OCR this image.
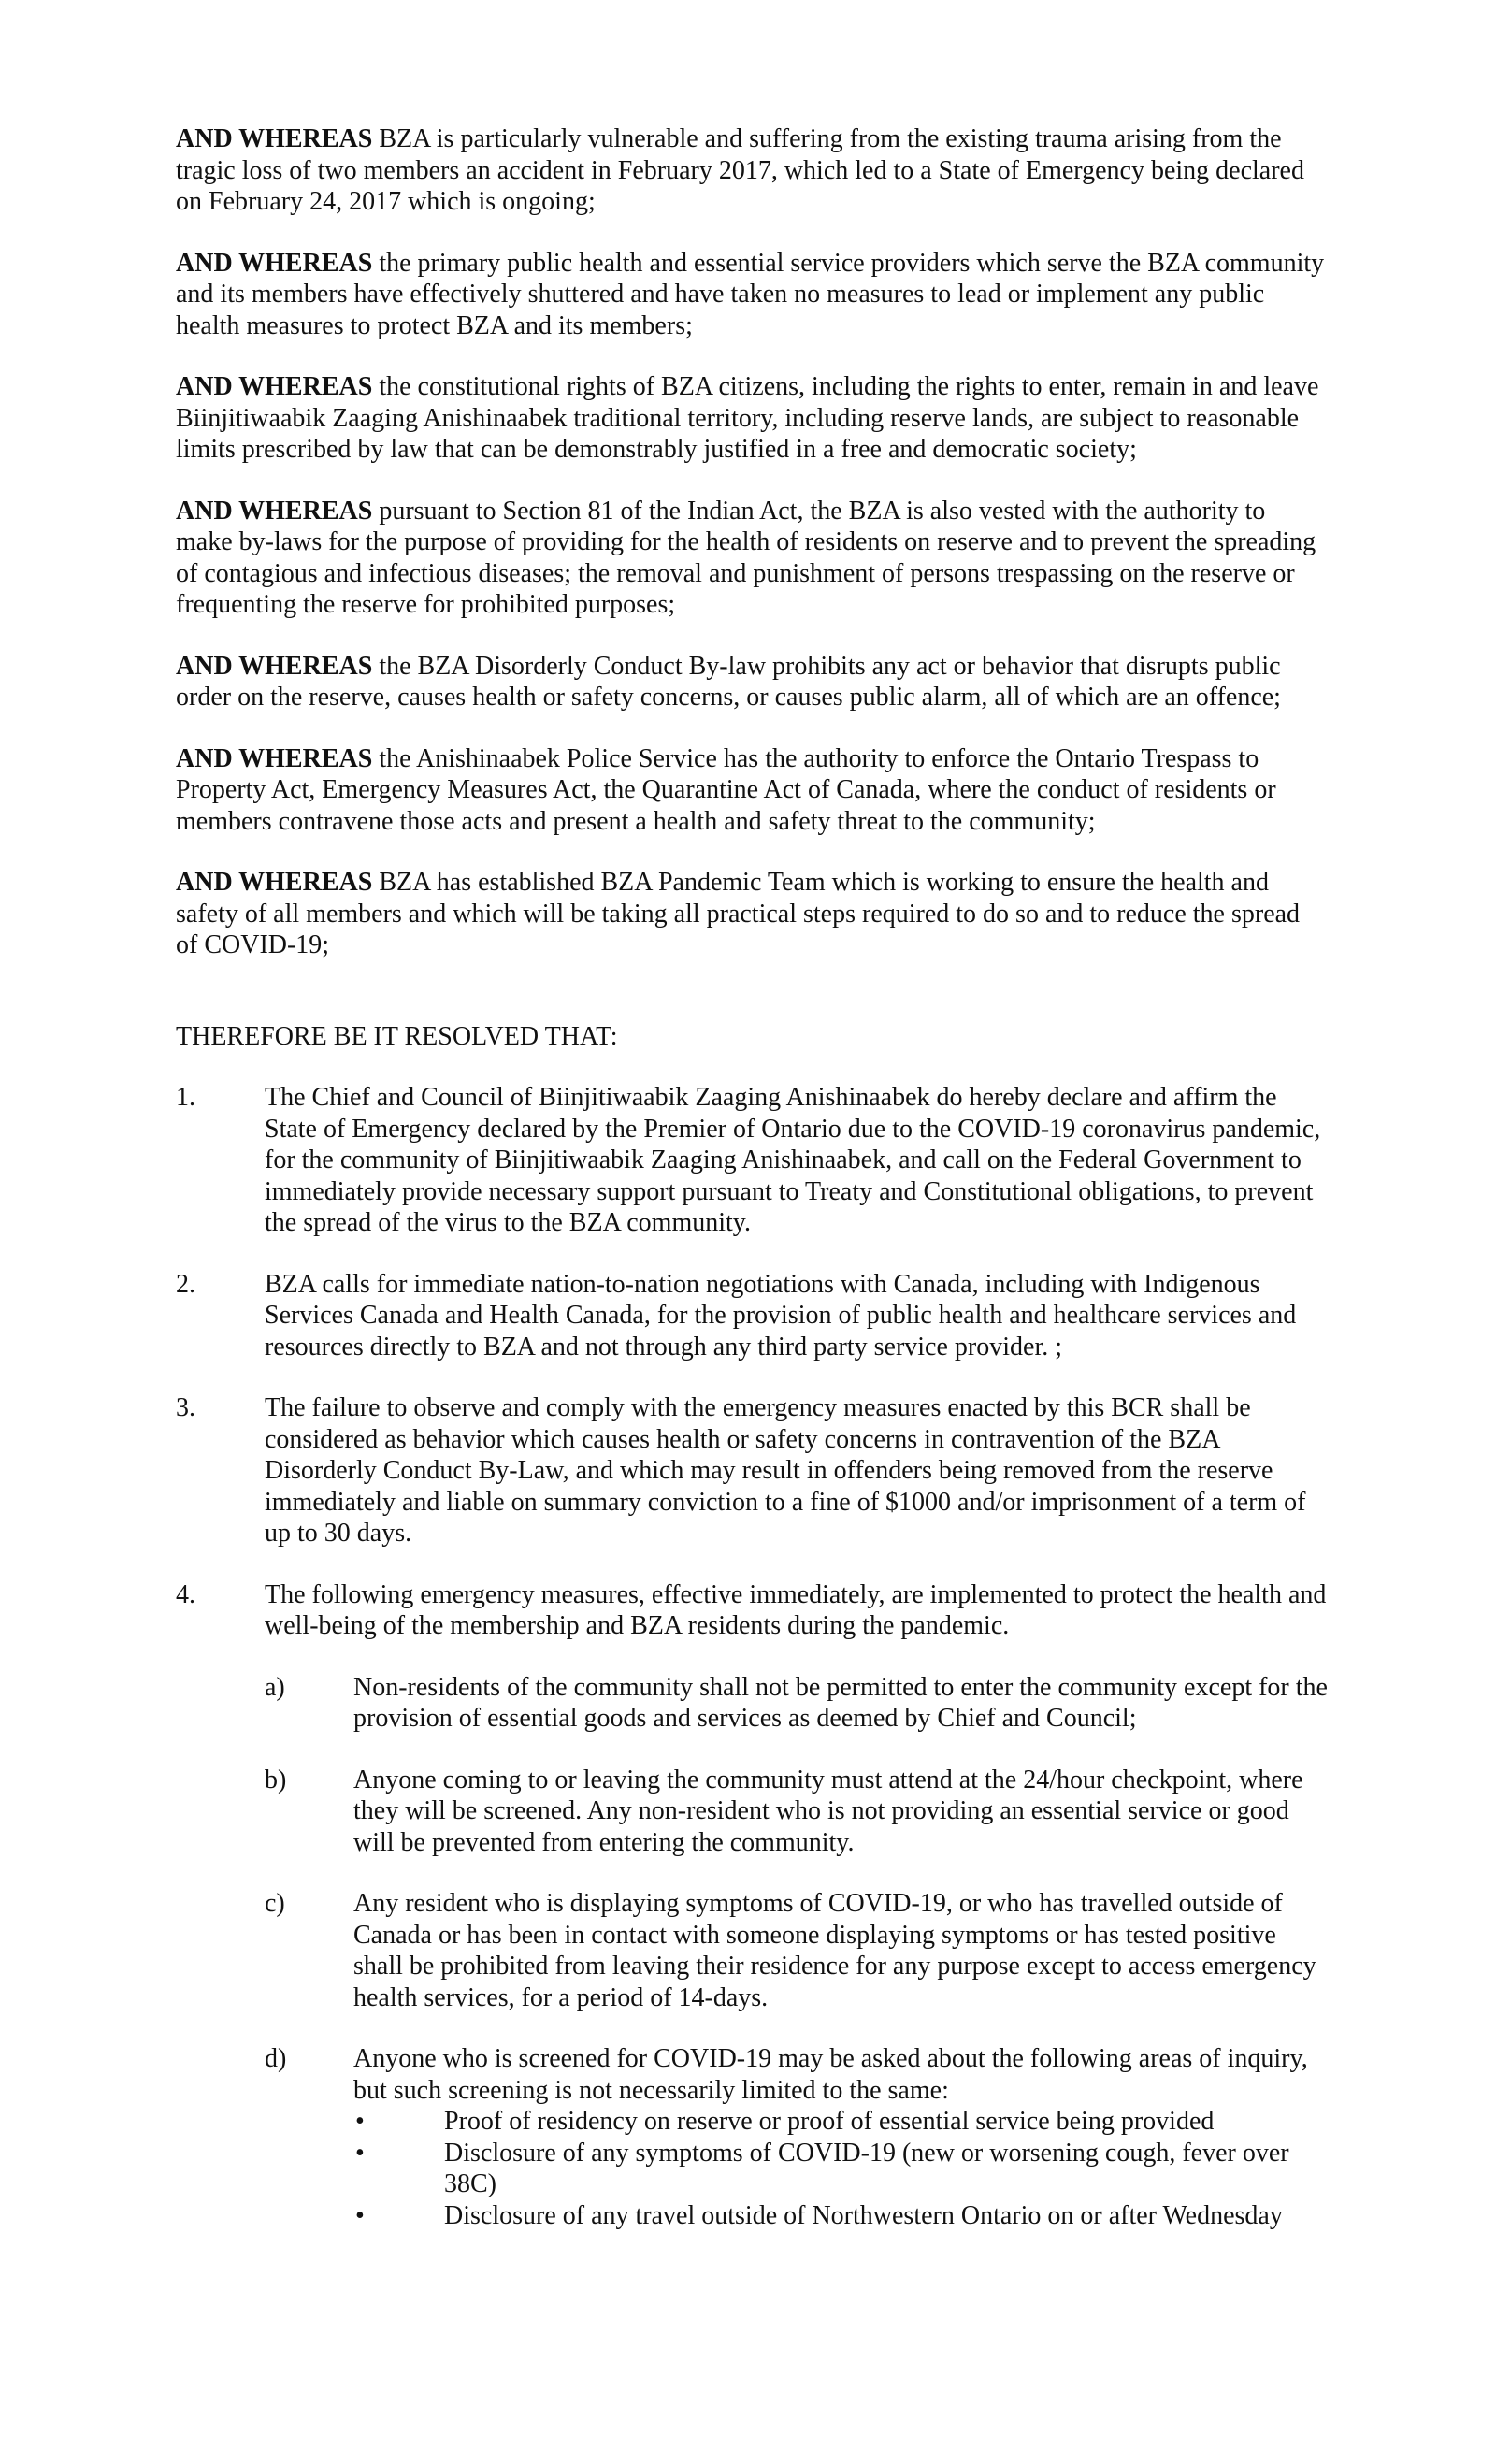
AND WHEREAS BZA is particularly vulnerable and suffering from the existing trauma arising from the tragic loss of two members an accident in February 2017, which led to a State of Emergency being declared on February 24, 2017 which is ongoing;

AND WHEREAS the primary public health and essential service providers which serve the BZA community and its members have effectively shuttered and have taken no measures to lead or implement any public health measures to protect BZA and its members;

AND WHEREAS the constitutional rights of BZA citizens, including the rights to enter, remain in and leave Biinjitiwaabik Zaaging Anishinaabek traditional territory, including reserve lands, are subject to reasonable limits prescribed by law that can be demonstrably justified in a free and democratic society;

AND WHEREAS pursuant to Section 81 of the Indian Act, the BZA is also vested with the authority to make by-laws for the purpose of providing for the health of residents on reserve and to prevent the spreading of contagious and infectious diseases; the removal and punishment of persons trespassing on the reserve or frequenting the reserve for prohibited purposes;

AND WHEREAS the BZA Disorderly Conduct By-law prohibits any act or behavior that disrupts public order on the reserve, causes health or safety concerns, or causes public alarm, all of which are an offence;

AND WHEREAS the Anishinaabek Police Service has the authority to enforce the Ontario Trespass to Property Act, Emergency Measures Act, the Quarantine Act of Canada, where the conduct of residents or members contravene those acts and present a health and safety threat to the community;

AND WHEREAS BZA has established BZA Pandemic Team which is working to ensure the health and safety of all members and which will be taking all practical steps required to do so and to reduce the spread of COVID-19;

THEREFORE BE IT RESOLVED THAT:
1.	The Chief and Council of Biinjitiwaabik Zaaging Anishinaabek do hereby declare and affirm the State of Emergency declared by the Premier of Ontario due to the COVID-19 coronavirus pandemic, for the community of Biinjitiwaabik Zaaging Anishinaabek, and call on the Federal Government to immediately provide necessary support pursuant to Treaty and Constitutional obligations, to prevent the spread of the virus to the BZA community.
2.	BZA calls for immediate nation-to-nation negotiations with Canada, including with Indigenous Services Canada and Health Canada, for the provision of public health and healthcare services and resources directly to BZA and not through any third party service provider. ;
3.	The failure to observe and comply with the emergency measures enacted by this BCR shall be considered as behavior which causes health or safety concerns in contravention of the BZA Disorderly Conduct By-Law, and which may result in offenders being removed from the reserve immediately and liable on summary conviction to a fine of $1000 and/or imprisonment of a term of up to 30 days.
4.	The following emergency measures, effective immediately, are implemented to protect the health and well-being of the membership and BZA residents during the pandemic.
a)	Non-residents of the community shall not be permitted to enter the community except for the provision of essential goods and services as deemed by Chief and Council;
b)	Anyone coming to or leaving the community must attend at the 24/hour checkpoint, where they will be screened. Any non-resident who is not providing an essential service or good will be prevented from entering the community.
c)	Any resident who is displaying symptoms of COVID-19, or who has travelled outside of Canada or has been in contact with someone displaying symptoms or has tested positive shall be prohibited from leaving their residence for any purpose except to access emergency health services, for a period of 14-days.
d)	Anyone who is screened for COVID-19 may be asked about the following areas of inquiry, but such screening is not necessarily limited to the same:
•	Proof of residency on reserve or proof of essential service being provided
•	Disclosure of any symptoms of COVID-19 (new or worsening cough, fever over 38C)
•	Disclosure of any travel outside of Northwestern Ontario on or after Wednesday
